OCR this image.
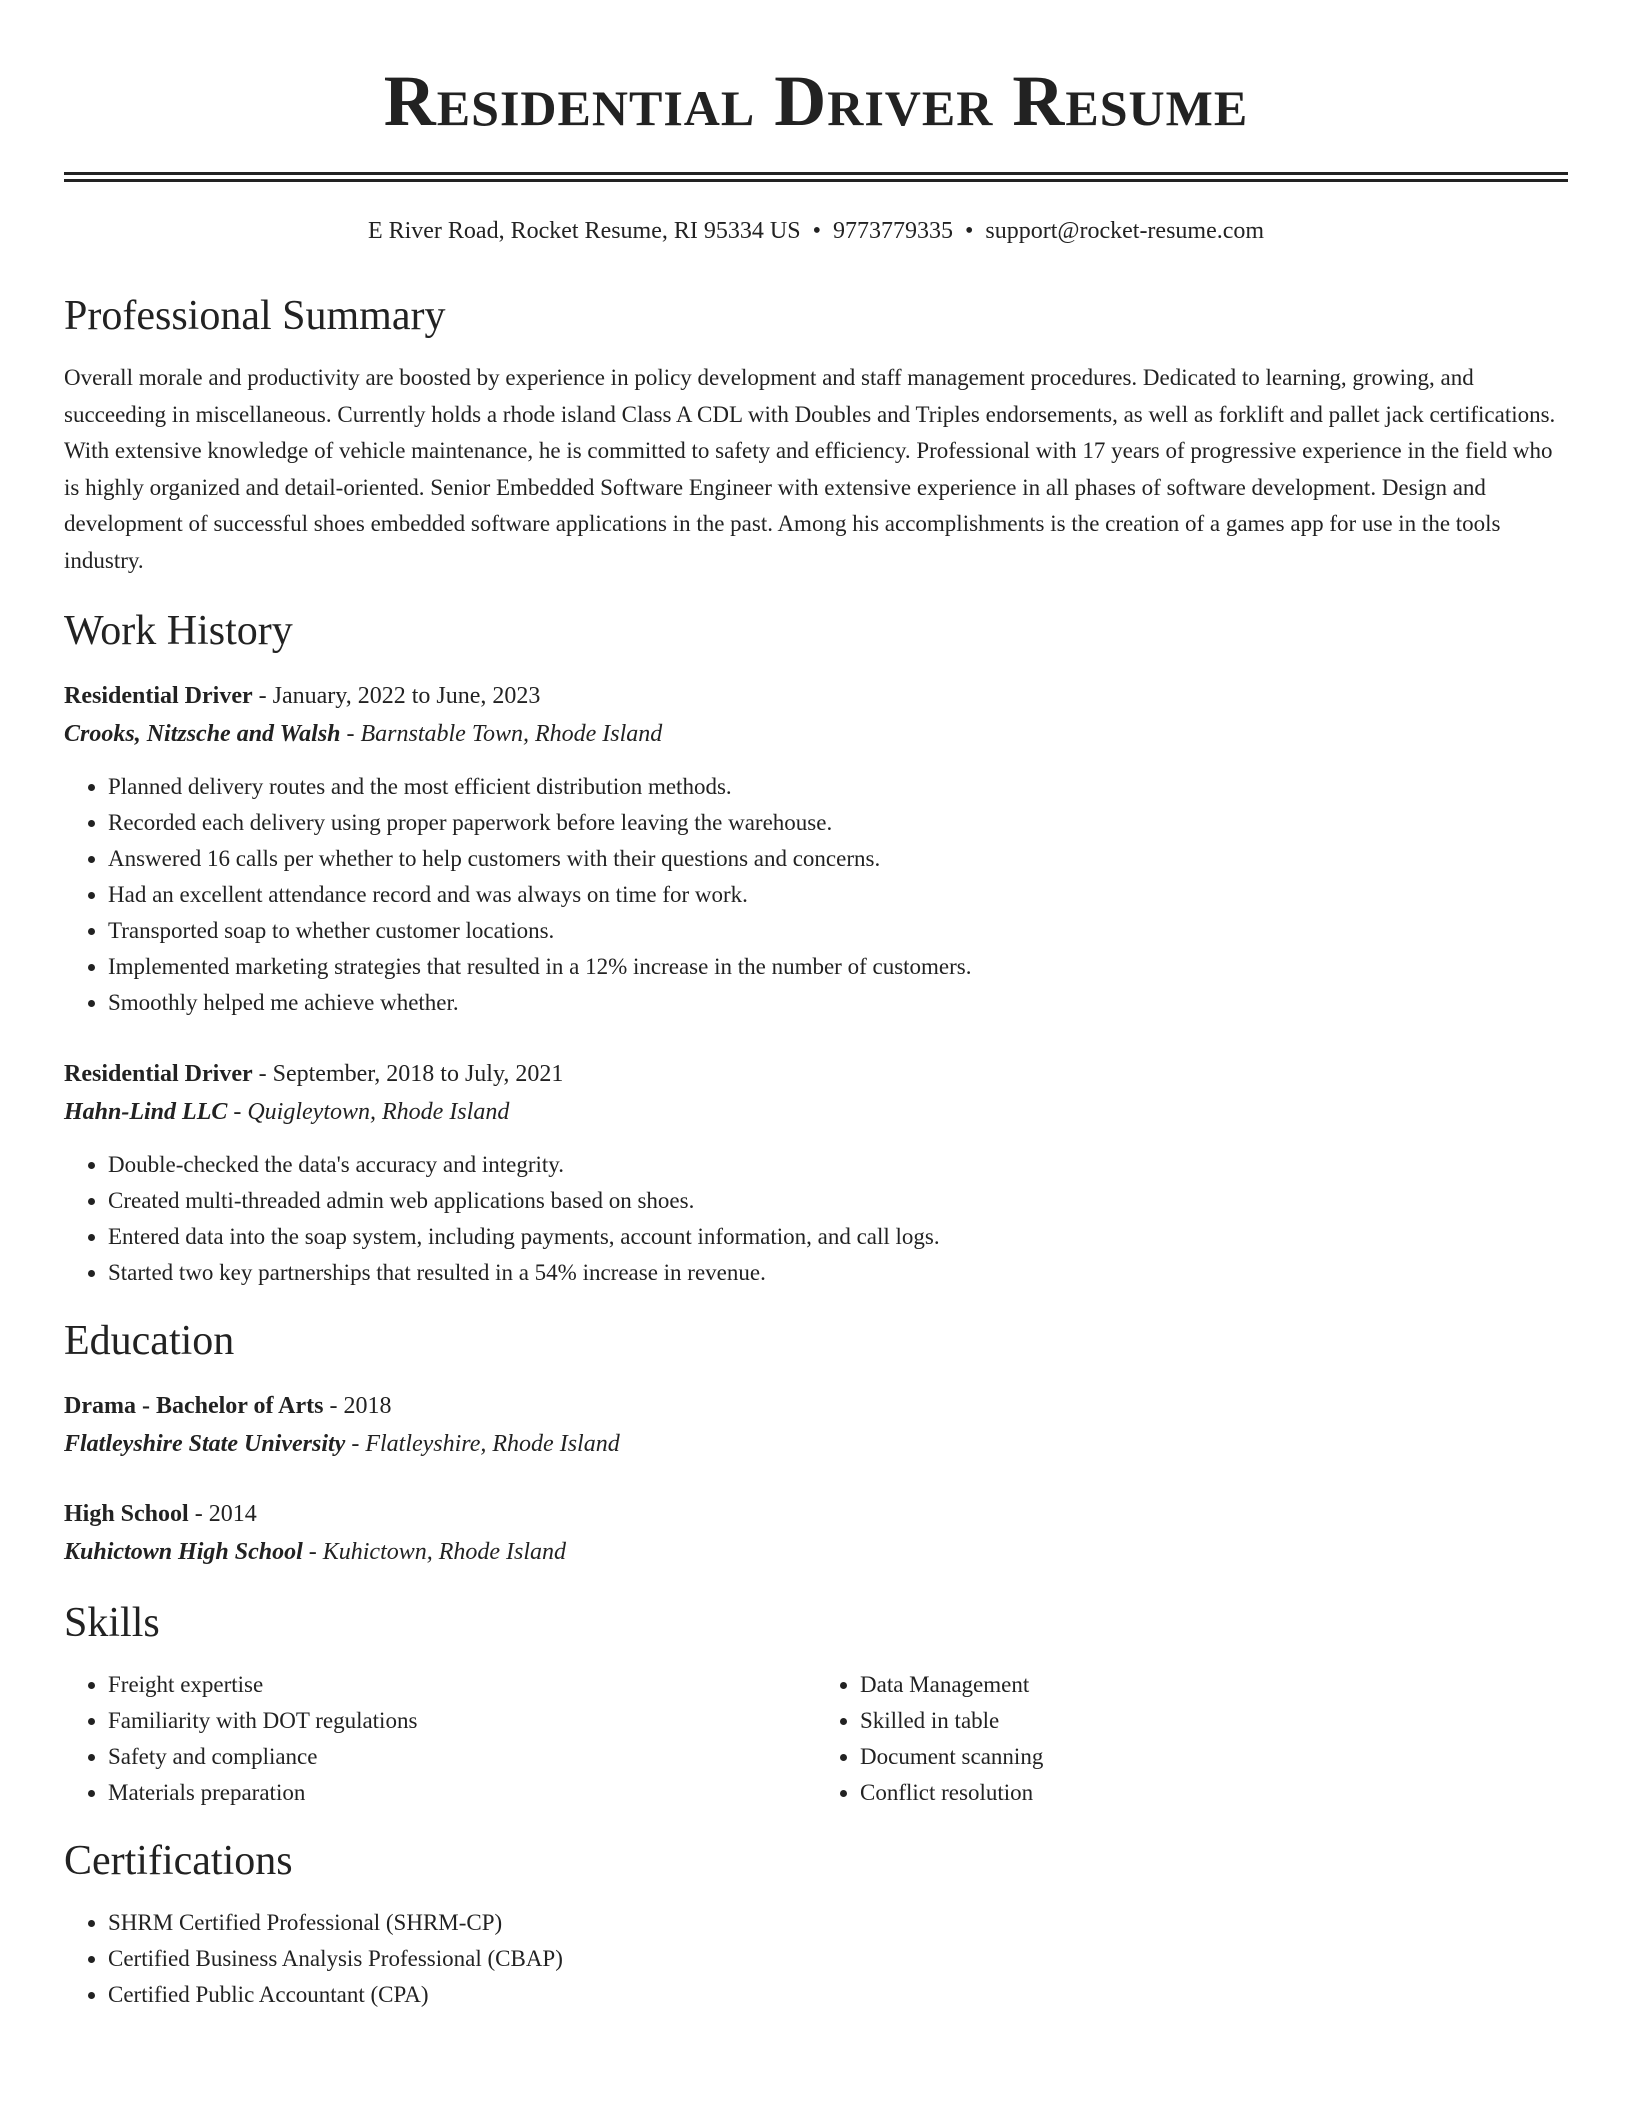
Residential Driver Resume
E River Road, Rocket Resume, RI 95334 US • 9773779335 • support@rocket-resume.com
Professional Summary

Overall morale and productivity are boosted by experience in policy development and staff management procedures. Dedicated to learning, growing, and succeeding in miscellaneous. Currently holds a rhode island Class A CDL with Doubles and Triples endorsements, as well as forklift and pallet jack certifications. With extensive knowledge of vehicle maintenance, he is committed to safety and efficiency. Professional with 17 years of progressive experience in the field who is highly organized and detail-oriented. Senior Embedded Software Engineer with extensive experience in all phases of software development. Design and development of successful shoes embedded software applications in the past. Among his accomplishments is the creation of a games app for use in the tools industry.

Work History
Residential Driver - January, 2022 to June, 2023
Crooks, Nitzsche and Walsh - Barnstable Town, Rhode Island
• Planned delivery routes and the most efficient distribution methods.
• Recorded each delivery using proper paperwork before leaving the warehouse.
• Answered 16 calls per whether to help customers with their questions and concerns.
• Had an excellent attendance record and was always on time for work.
• Transported soap to whether customer locations.
• Implemented marketing strategies that resulted in a 12% increase in the number of customers.
• Smoothly helped me achieve whether.
Residential Driver - September, 2018 to July, 2021
Hahn-Lind LLC - Quigleytown, Rhode Island
• Double-checked the data's accuracy and integrity.
• Created multi-threaded admin web applications based on shoes.
• Entered data into the soap system, including payments, account information, and call logs.
• Started two key partnerships that resulted in a 54% increase in revenue.
Education
Drama - Bachelor of Arts - 2018
Flatleyshire State University - Flatleyshire, Rhode Island
High School - 2014
Kuhictown High School - Kuhictown, Rhode Island
Skills
• Freight expertise
• Familiarity with DOT regulations
• Safety and compliance
• Materials preparation
• Data Management
• Skilled in table
• Document scanning
• Conflict resolution
Certifications
• SHRM Certified Professional (SHRM-CP)
• Certified Business Analysis Professional (CBAP)
• Certified Public Accountant (CPA)
